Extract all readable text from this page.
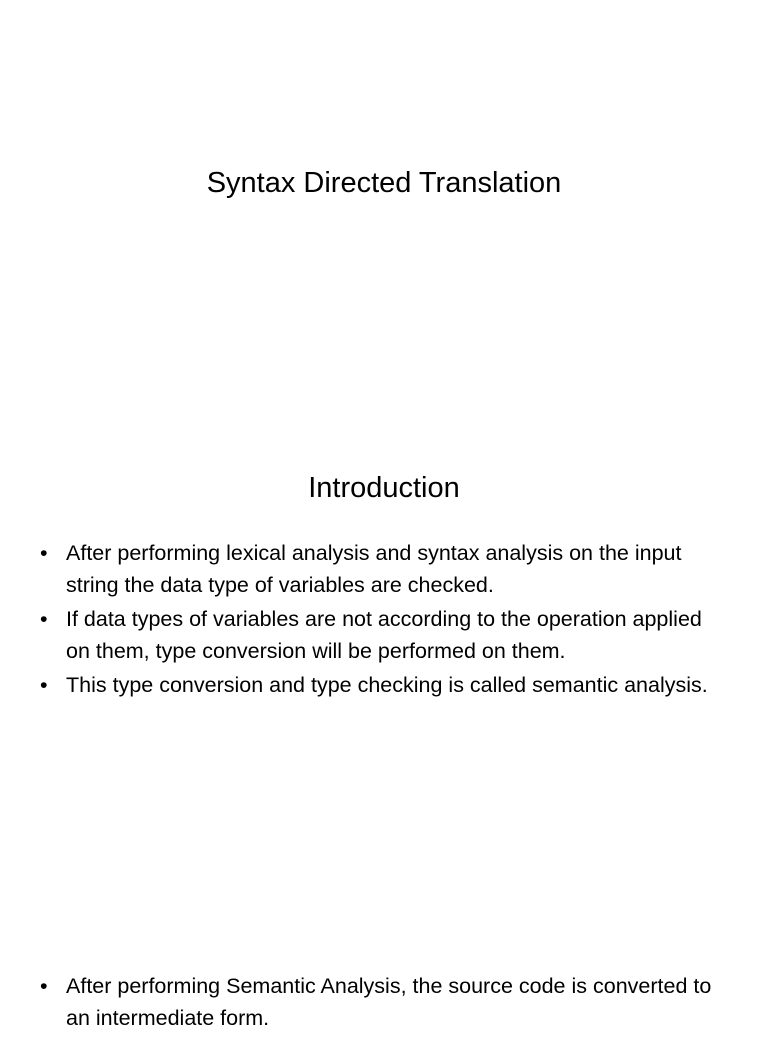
Syntax Directed Translation
Introduction
• After performing lexical analysis and syntax analysis on the input string the data type of variables are checked.
• If data types of variables are not according to the operation applied on them, type conversion will be performed on them.
• This type conversion and type checking is called semantic analysis.
• After performing Semantic Analysis, the source code is converted to an intermediate form.
